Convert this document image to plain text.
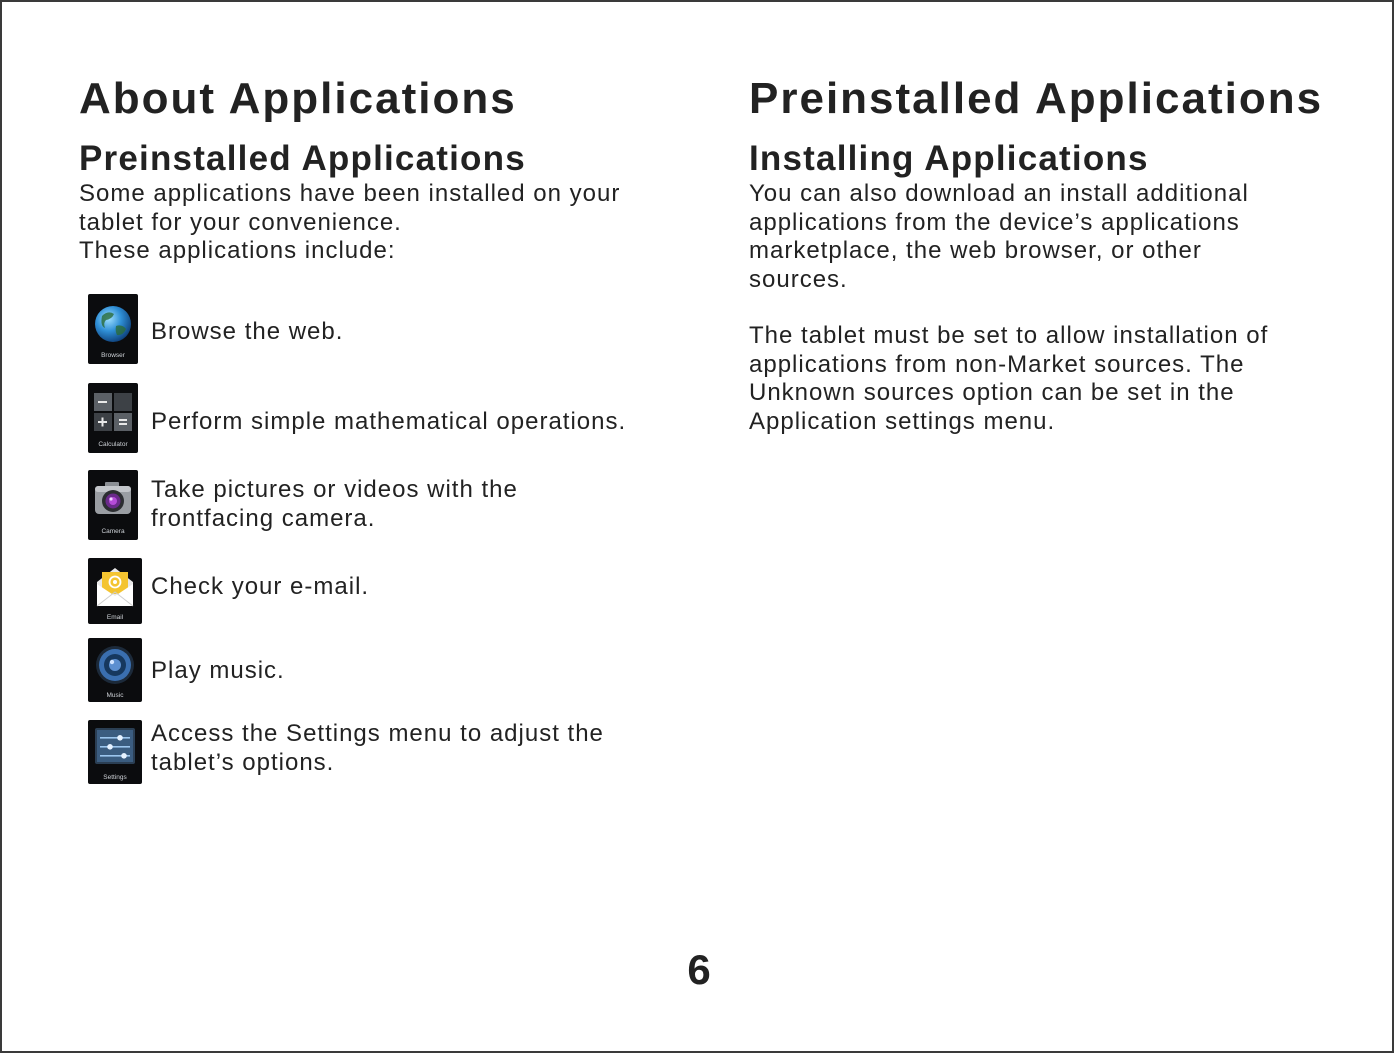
About Applications
Preinstalled Applications
Some applications have been installed on your
tablet for your convenience.
These applications include:
Browser
Browse the web.
Calculator
Perform simple mathematical operations.
Camera
Take pictures or videos with the
frontfacing camera.
Email
Check your e-mail.
Music
Play music.
Settings
Access the Settings menu to adjust the
tablet’s options.
Preinstalled Applications
Installing Applications
You can also download an install additional
applications from the device’s applications
marketplace, the web browser, or other
sources.
The tablet must be set to allow installation of
applications from non-Market sources. The
Unknown sources option can be set in the
Application settings menu.
6
